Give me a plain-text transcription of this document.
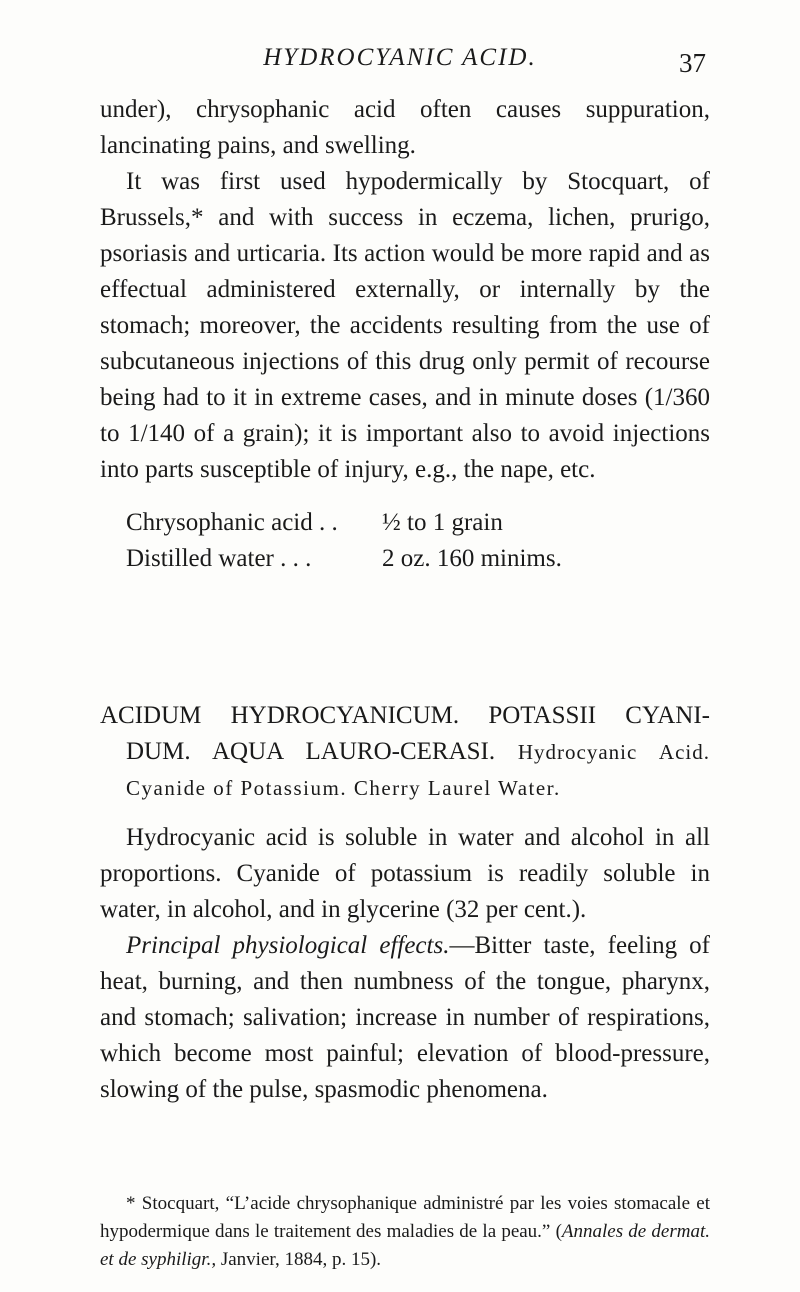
HYDROCYANIC ACID.	37

under), chrysophanic acid often causes suppuration, lancinating pains, and swelling.

It was first used hypodermically by Stocquart, of Brussels,* and with success in eczema, lichen, prurigo, psoriasis and urticaria. Its action would be more rapid and as effectual administered externally, or internally by the stomach; moreover, the accidents resulting from the use of subcutaneous injections of this drug only permit of recourse being had to it in extreme cases, and in minute doses (1/360 to 1/140 of a grain); it is important also to avoid injections into parts susceptible of injury, e.g., the nape, etc.

Chrysophanic acid . .	½ to 1 grain
Distilled water . . .	2 oz. 160 minims.
ACIDUM HYDROCYANICUM. POTASSII CYANI-
DUM. AQUA LAURO-CERASI. Hydrocyanic Acid.
Cyanide of Potassium. Cherry Laurel Water.

Hydrocyanic acid is soluble in water and alcohol in all proportions. Cyanide of potassium is readily soluble in water, in alcohol, and in glycerine (32 per cent.).

Principal physiological effects.—Bitter taste, feeling of heat, burning, and then numbness of the tongue, pharynx, and stomach; salivation; increase in number of respirations, which become most painful; elevation of blood-pressure, slowing of the pulse, spasmodic phenomena.

* Stocquart, “L’acide chrysophanique administré par les voies stomacale et hypodermique dans le traitement des maladies de la peau.” (Annales de dermat. et de syphiligr., Janvier, 1884, p. 15).
